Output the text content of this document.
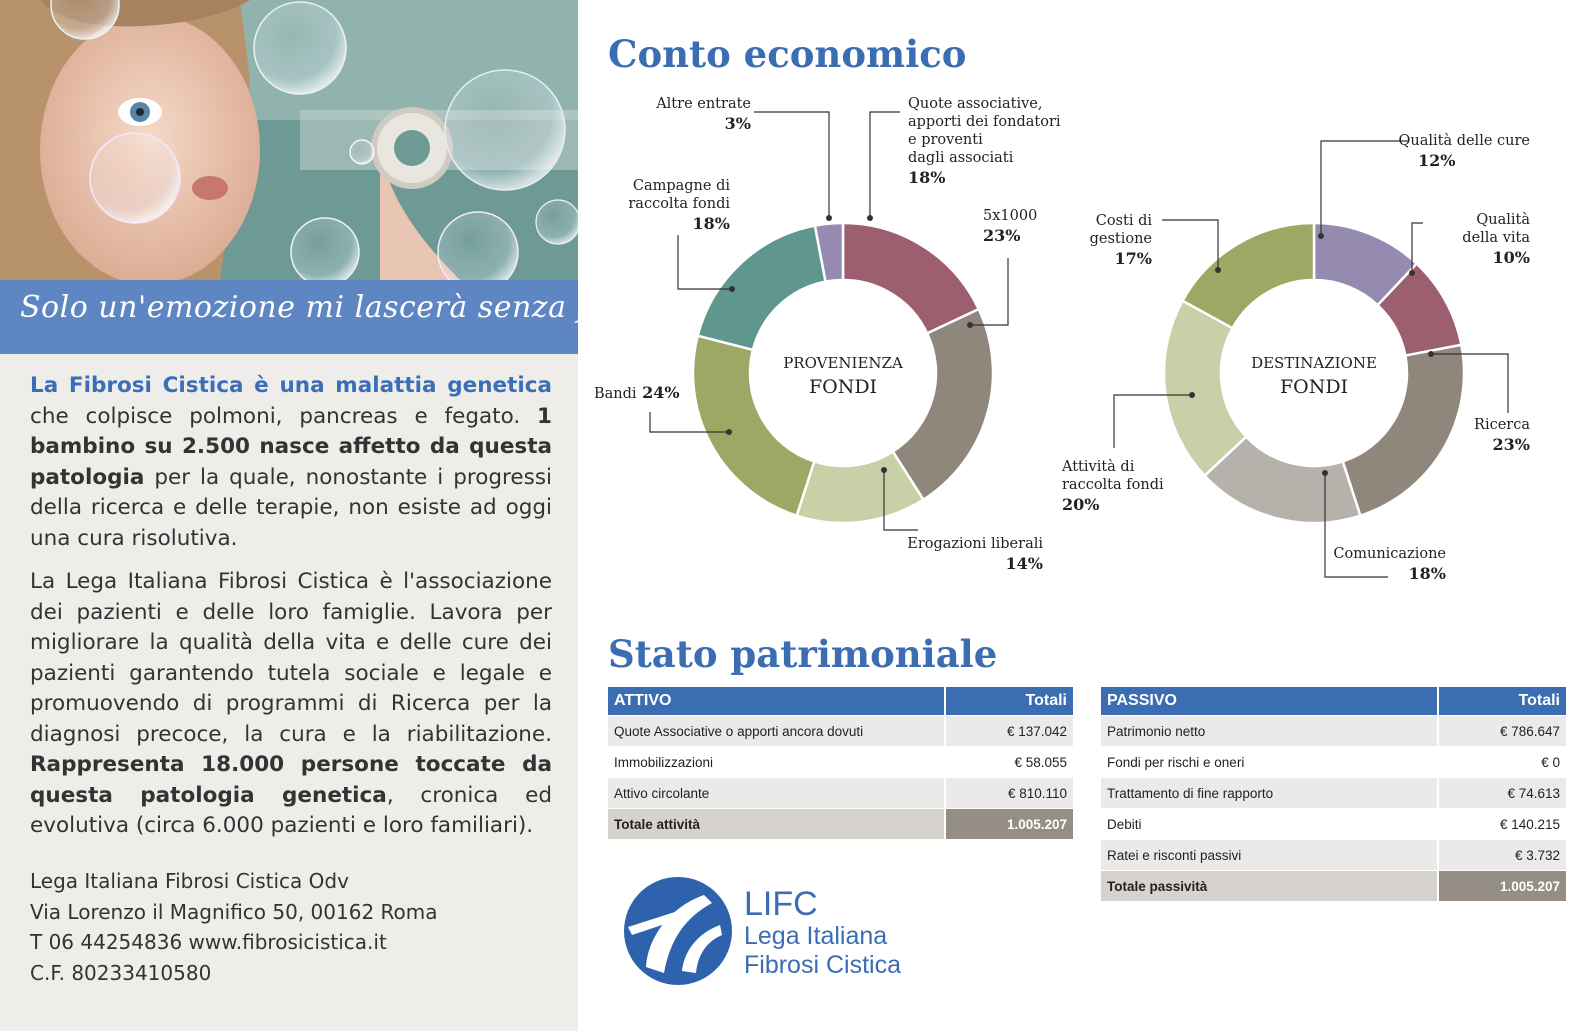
Solo un'emozione mi lascerà senza fiato
La Fibrosi Cistica è una malattia genetica che colpisce polmoni, pancreas e fegato. 1 bambino su 2.500 nasce affetto da questa patologia per la quale, nonostante i progressi della ricerca e delle terapie, non esiste ad oggi una cura risolutiva.
La Lega Italiana Fibrosi Cistica è l'associazione dei pazienti e delle loro famiglie. Lavora per migliorare la qualità della vita e delle cure dei pazienti garantendo tutela sociale e legale e promuovendo di programmi di Ricerca per la diagnosi precoce, la cura e la riabilitazione. Rappresenta 18.000 persone toccate da questa patologia genetica, cronica ed evolutiva (circa 6.000 pazienti e loro familiari).
Lega Italiana Fibrosi Cistica Odv
Via Lorenzo il Magnifico 50, 00162 Roma
T 06 44254836 www.fibrosicistica.it
C.F. 80233410580
Conto economico
PROVENIENZA
FONDI
Quote associative,
apporti dei fondatori
e proventi
dagli associati
18%
5x1000
23%
Erogazioni liberali
14%
Bandi 24%
Campagne di
raccolta fondi
18%
Altre entrate
3%
DESTINAZIONE
FONDI
Qualità delle cure
12%
Qualità
della vita
10%
Ricerca
23%
Comunicazione
18%
Attività di
raccolta fondi
20%
Costi di
gestione
17%
Stato patrimoniale
ATTIVO	Totali
Quote Associative o apporti ancora dovuti	€ 137.042
Immobilizzazioni	€ 58.055
Attivo circolante	€ 810.110
Totale attività	1.005.207
PASSIVO	Totali
Patrimonio netto	€ 786.647
Fondi per rischi e oneri	€ 0
Trattamento di fine rapporto	€ 74.613
Debiti	€ 140.215
Ratei e risconti passivi	€ 3.732
Totale passività	1.005.207
LIFC
Lega Italiana
Fibrosi Cistica
